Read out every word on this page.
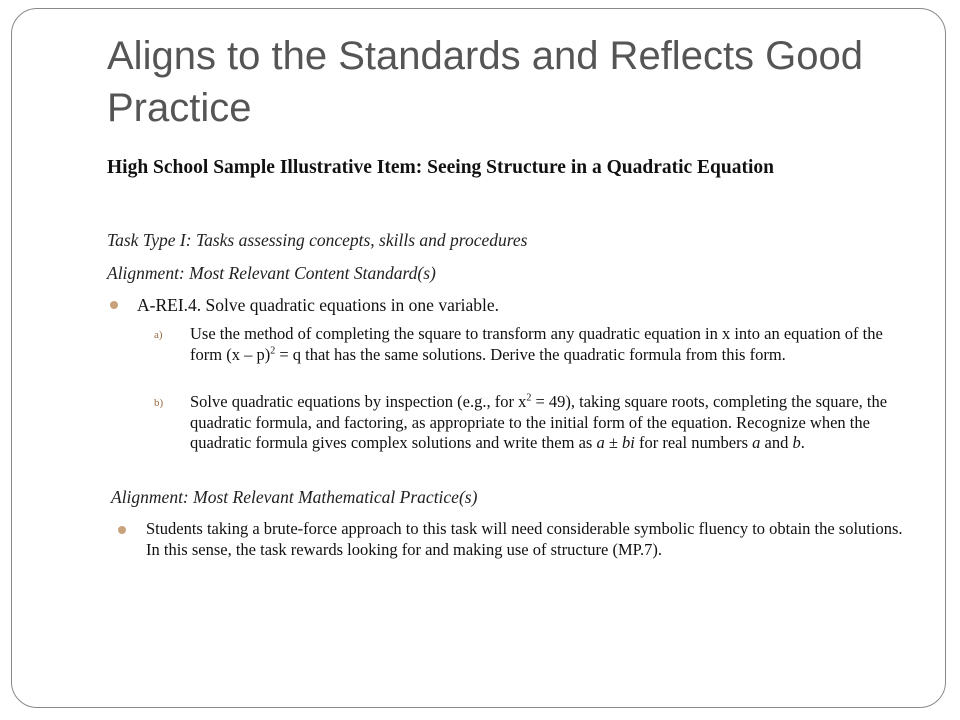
Aligns to the Standards and Reflects Good Practice
High School Sample Illustrative Item: Seeing Structure in a Quadratic Equation
Task Type I: Tasks assessing concepts, skills and procedures
Alignment: Most Relevant Content Standard(s)
A-REI.4. Solve quadratic equations in one variable.
a) Use the method of completing the square to transform any quadratic equation in x into an equation of the form (x – p)$^2$ = q that has the same solutions. Derive the quadratic formula from this form.
b) Solve quadratic equations by inspection (e.g., for $x^2 = 49$), taking square roots, completing the square, the quadratic formula, and factoring, as appropriate to the initial form of the equation. Recognize when the quadratic formula gives complex solutions and write them as a ± bi for real numbers a and b.
Alignment: Most Relevant Mathematical Practice(s)
Students taking a brute-force approach to this task will need considerable symbolic fluency to obtain the solutions. In this sense, the task rewards looking for and making use of structure (MP.7).
